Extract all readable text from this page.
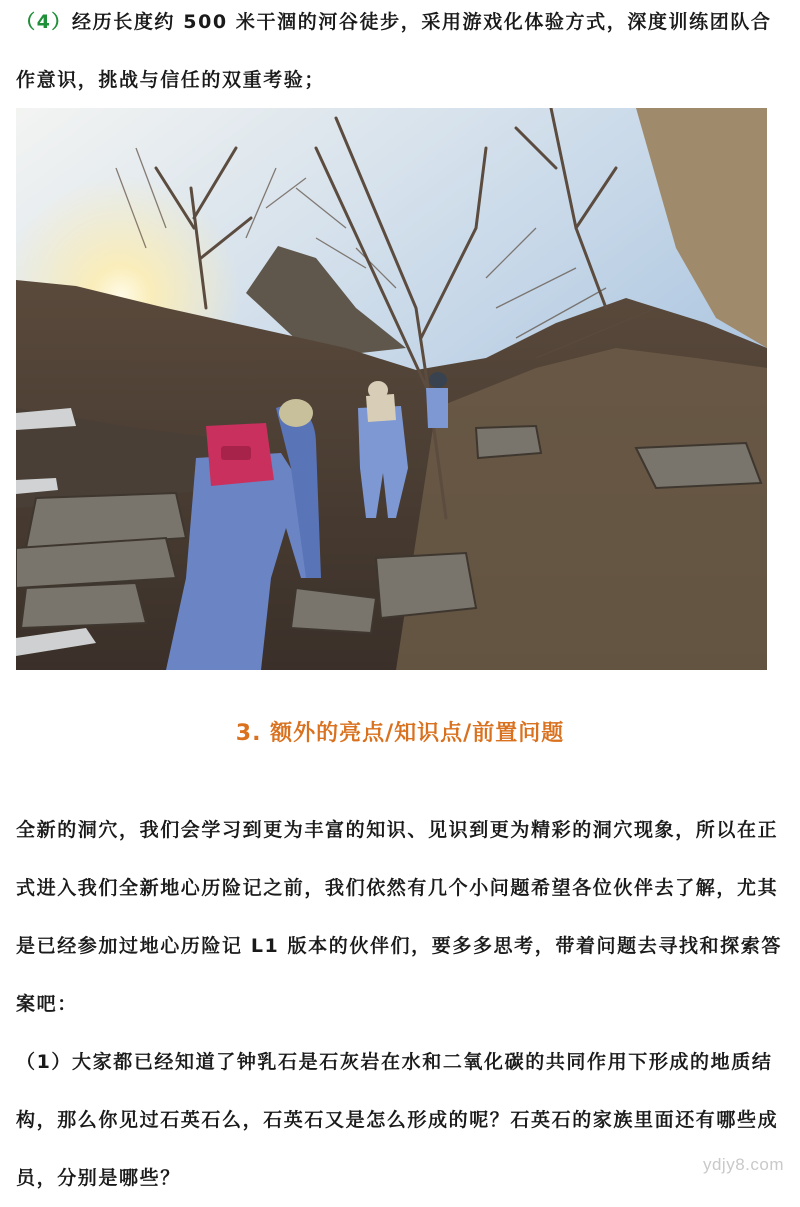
（4）经历长度约 500 米干涸的河谷徒步，采用游戏化体验方式，深度训练团队合作意识，挑战与信任的双重考验；

3. 额外的亮点/知识点/前置问题

全新的洞穴，我们会学习到更为丰富的知识、见识到更为精彩的洞穴现象，所以在正式进入我们全新地心历险记之前，我们依然有几个小问题希望各位伙伴去了解，尤其是已经参加过地心历险记 L1 版本的伙伴们，要多多思考，带着问题去寻找和探索答案吧：

（1）大家都已经知道了钟乳石是石灰岩在水和二氧化碳的共同作用下形成的地质结构，那么你见过石英石么，石英石又是怎么形成的呢？石英石的家族里面还有哪些成员，分别是哪些？

ydjy8.com
